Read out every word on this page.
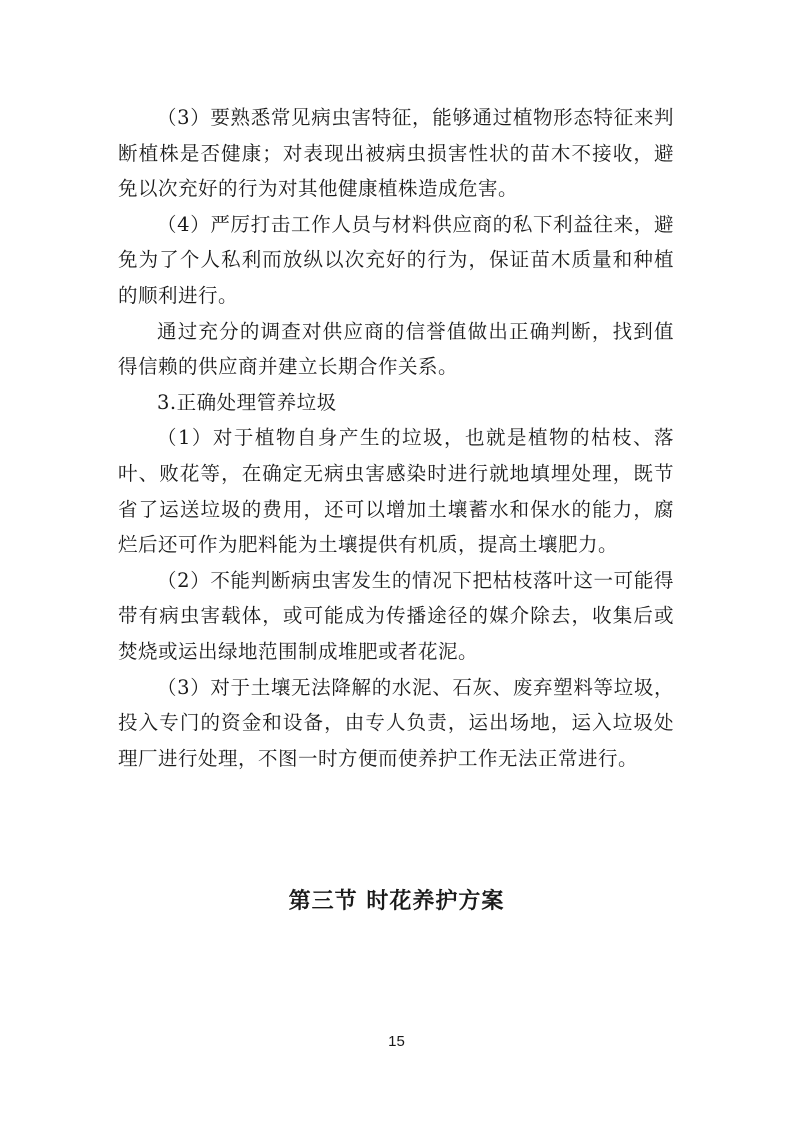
（3）要熟悉常见病虫害特征，能够通过植物形态特征来判断植株是否健康；对表现出被病虫损害性状的苗木不接收，避免以次充好的行为对其他健康植株造成危害。

（4）严厉打击工作人员与材料供应商的私下利益往来，避免为了个人私利而放纵以次充好的行为，保证苗木质量和种植的顺利进行。

通过充分的调查对供应商的信誉值做出正确判断，找到值得信赖的供应商并建立长期合作关系。

3.正确处理管养垃圾

（1）对于植物自身产生的垃圾，也就是植物的枯枝、落叶、败花等，在确定无病虫害感染时进行就地填埋处理，既节省了运送垃圾的费用，还可以增加土壤蓄水和保水的能力，腐烂后还可作为肥料能为土壤提供有机质，提高土壤肥力。

（2）不能判断病虫害发生的情况下把枯枝落叶这一可能得带有病虫害载体，或可能成为传播途径的媒介除去，收集后或焚烧或运出绿地范围制成堆肥或者花泥。

（3）对于土壤无法降解的水泥、石灰、废弃塑料等垃圾，投入专门的资金和设备，由专人负责，运出场地，运入垃圾处理厂进行处理，不图一时方便而使养护工作无法正常进行。

第三节 时花养护方案
15
